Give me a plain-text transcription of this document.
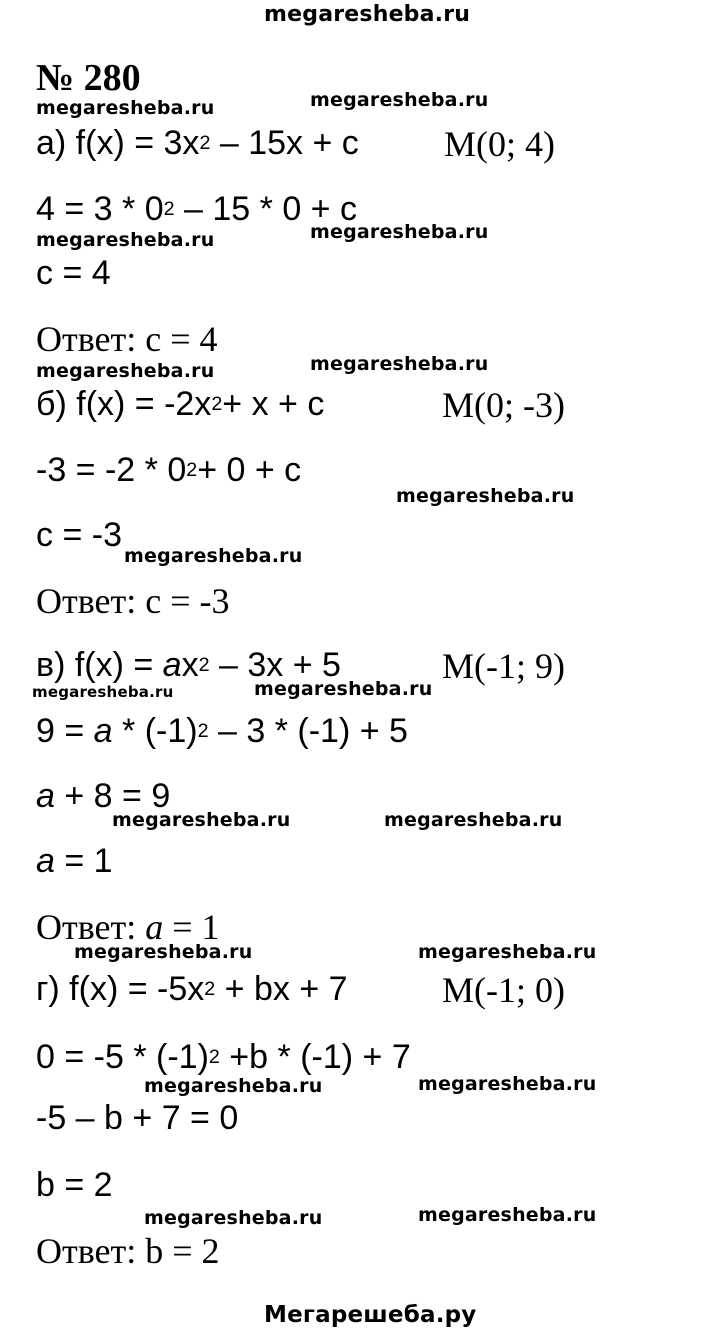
megaresheba.ru
№ 280
megaresheba.ru	megaresheba.ru
megaresheba.ru	megaresheba.ru
megaresheba.ru	megaresheba.ru
megaresheba.ru
megaresheba.ru
megaresheba.ru	megaresheba.ru
megaresheba.ru	megaresheba.ru
megaresheba.ru	megaresheba.ru
megaresheba.ru	megaresheba.ru
megaresheba.ru	megaresheba.ru
а) $f(x) = 3x^2 - 15x + c$ M(0; 4)
$4 = 3 * 0^2 - 15 * 0 + c$
c = 4
Ответ: c = 4
б) $f(x) = -2x^2+ x + c$	M(0; -3)
$-3 = -2 * 0^2+ 0 + c$
c = -3
Ответ: c = -3
в) $f(x) = ax^2 - 3x + 5$	M(-1; 9)
$9 = a * (-1)^2 - 3 * (-1) + 5$
a + 8 = 9
a = 1
Ответ: a = 1
г) $f(x) = -5x^2$ + bx + 7	M(-1; 0)
$0 = -5 * (-1)^2 +b * (-1) + 7$
-5 – b + 7 = 0
b = 2
Ответ: b = 2
Мегарешеба.ру
